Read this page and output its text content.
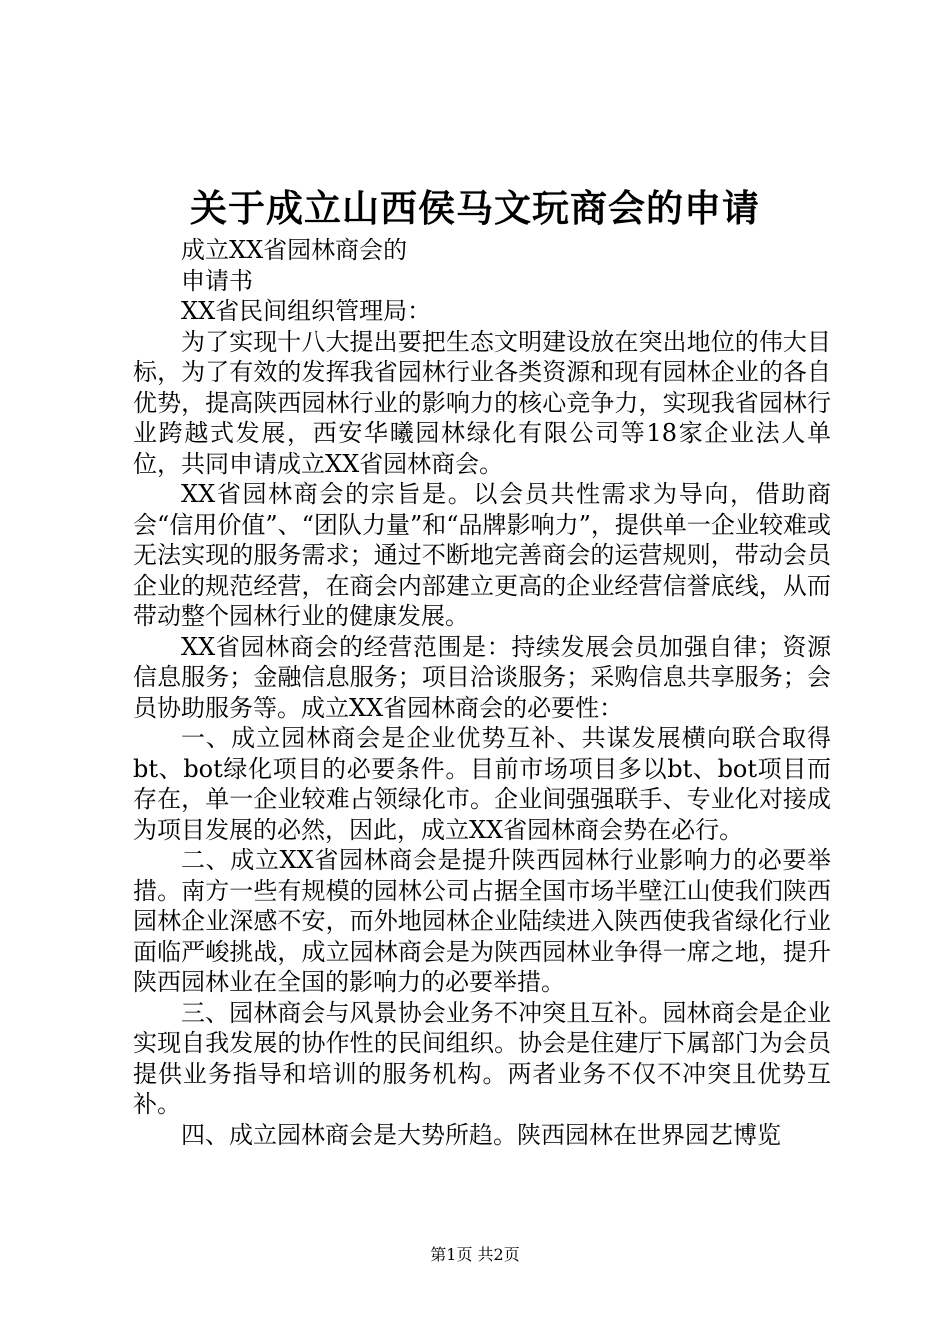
关于成立山西侯马文玩商会的申请
成立XX省园林商会的
申请书
XX省民间组织管理局：

为了实现十八大提出要把生态文明建设放在突出地位的伟大目标，为了有效的发挥我省园林行业各类资源和现有园林企业的各自优势，提高陕西园林行业的影响力的核心竞争力，实现我省园林行业跨越式发展，西安华曦园林绿化有限公司等18家企业法人单位，共同申请成立XX省园林商会。

XX省园林商会的宗旨是。以会员共性需求为导向，借助商会“信用价值”、“团队力量”和“品牌影响力”，提供单一企业较难或无法实现的服务需求；通过不断地完善商会的运营规则，带动会员企业的规范经营，在商会内部建立更高的企业经营信誉底线，从而带动整个园林行业的健康发展。

XX省园林商会的经营范围是：持续发展会员加强自律；资源信息服务；金融信息服务；项目洽谈服务；采购信息共享服务；会员协助服务等。成立XX省园林商会的必要性：

一、成立园林商会是企业优势互补、共谋发展横向联合取得bt、bot绿化项目的必要条件。目前市场项目多以bt、bot项目而存在，单一企业较难占领绿化市。企业间强强联手、专业化对接成为项目发展的必然，因此，成立XX省园林商会势在必行。

二、成立XX省园林商会是提升陕西园林行业影响力的必要举措。南方一些有规模的园林公司占据全国市场半壁江山使我们陕西园林企业深感不安，而外地园林企业陆续进入陕西使我省绿化行业面临严峻挑战，成立园林商会是为陕西园林业争得一席之地，提升陕西园林业在全国的影响力的必要举措。

三、园林商会与风景协会业务不冲突且互补。园林商会是企业实现自我发展的协作性的民间组织。协会是住建厅下属部门为会员提供业务指导和培训的服务机构。两者业务不仅不冲突且优势互补。

四、成立园林商会是大势所趋。陕西园林在世界园艺博览

第1页 共2页
